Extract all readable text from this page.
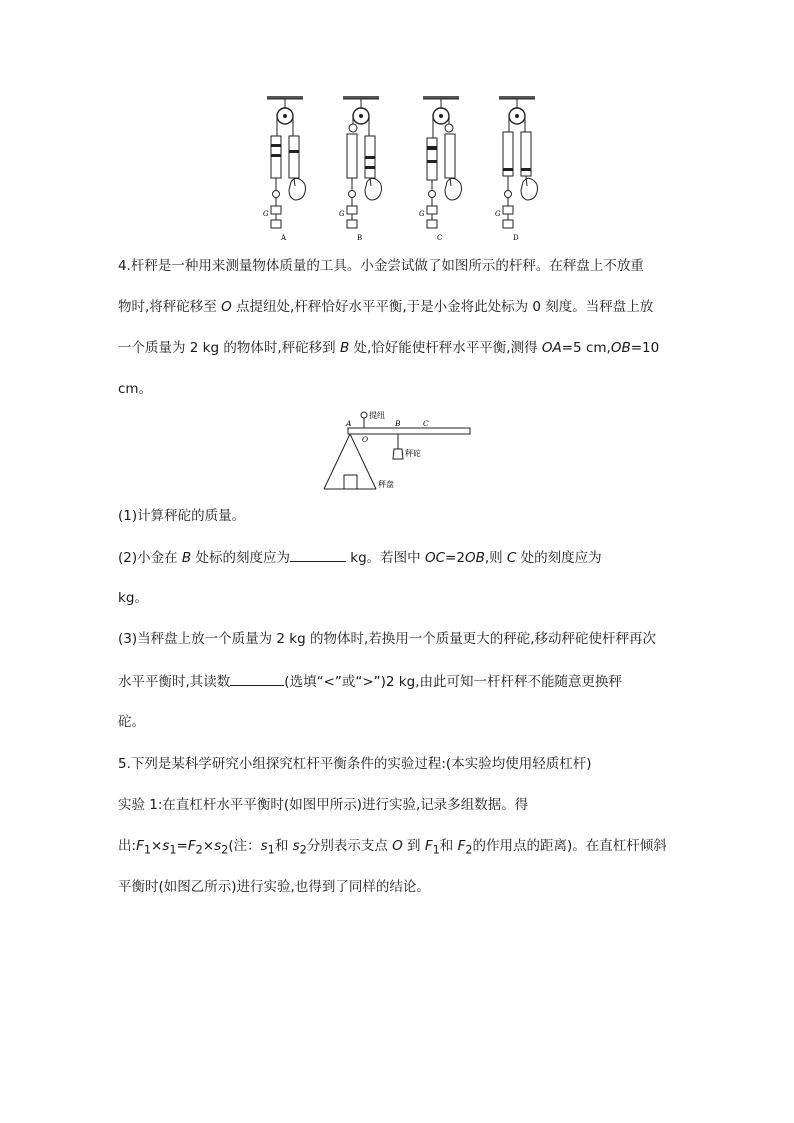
G
A
G
B
G
C
G
D
4.杆秤是一种用来测量物体质量的工具。小金尝试做了如图所示的杆秤。在秤盘上不放重
物时,将秤砣移至 O 点提纽处,杆秤恰好水平平衡,于是小金将此处标为 0 刻度。当秤盘上放
一个质量为 2 kg 的物体时,秤砣移到 B 处,恰好能使杆秤水平平衡,测得 OA=5 cm,OB=10
cm。
提纽
A
O
B	C
秤砣
秤盘
(1)计算秤砣的质量。
(2)小金在 B 处标的刻度应为	kg。若图中 OC=2OB,则 C 处的刻度应为
kg。
(3)当秤盘上放一个质量为 2 kg 的物体时,若换用一个质量更大的秤砣,移动秤砣使杆秤再次
水平平衡时,其读数	(选填“<”或“>”)2 kg,由此可知一杆杆秤不能随意更换秤
砣。
5.下列是某科学研究小组探究杠杆平衡条件的实验过程:(本实验均使用轻质杠杆)
实验 1:在直杠杆水平平衡时(如图甲所示)进行实验,记录多组数据。得
出$:F_1\times s_1=F_2\times s_2$(注：$s_1$和 $s_2$分别表示支点 O 到 $F_1$和 $F_2$的作用点的距离)。在直杠杆倾斜
平衡时(如图乙所示)进行实验,也得到了同样的结论。
